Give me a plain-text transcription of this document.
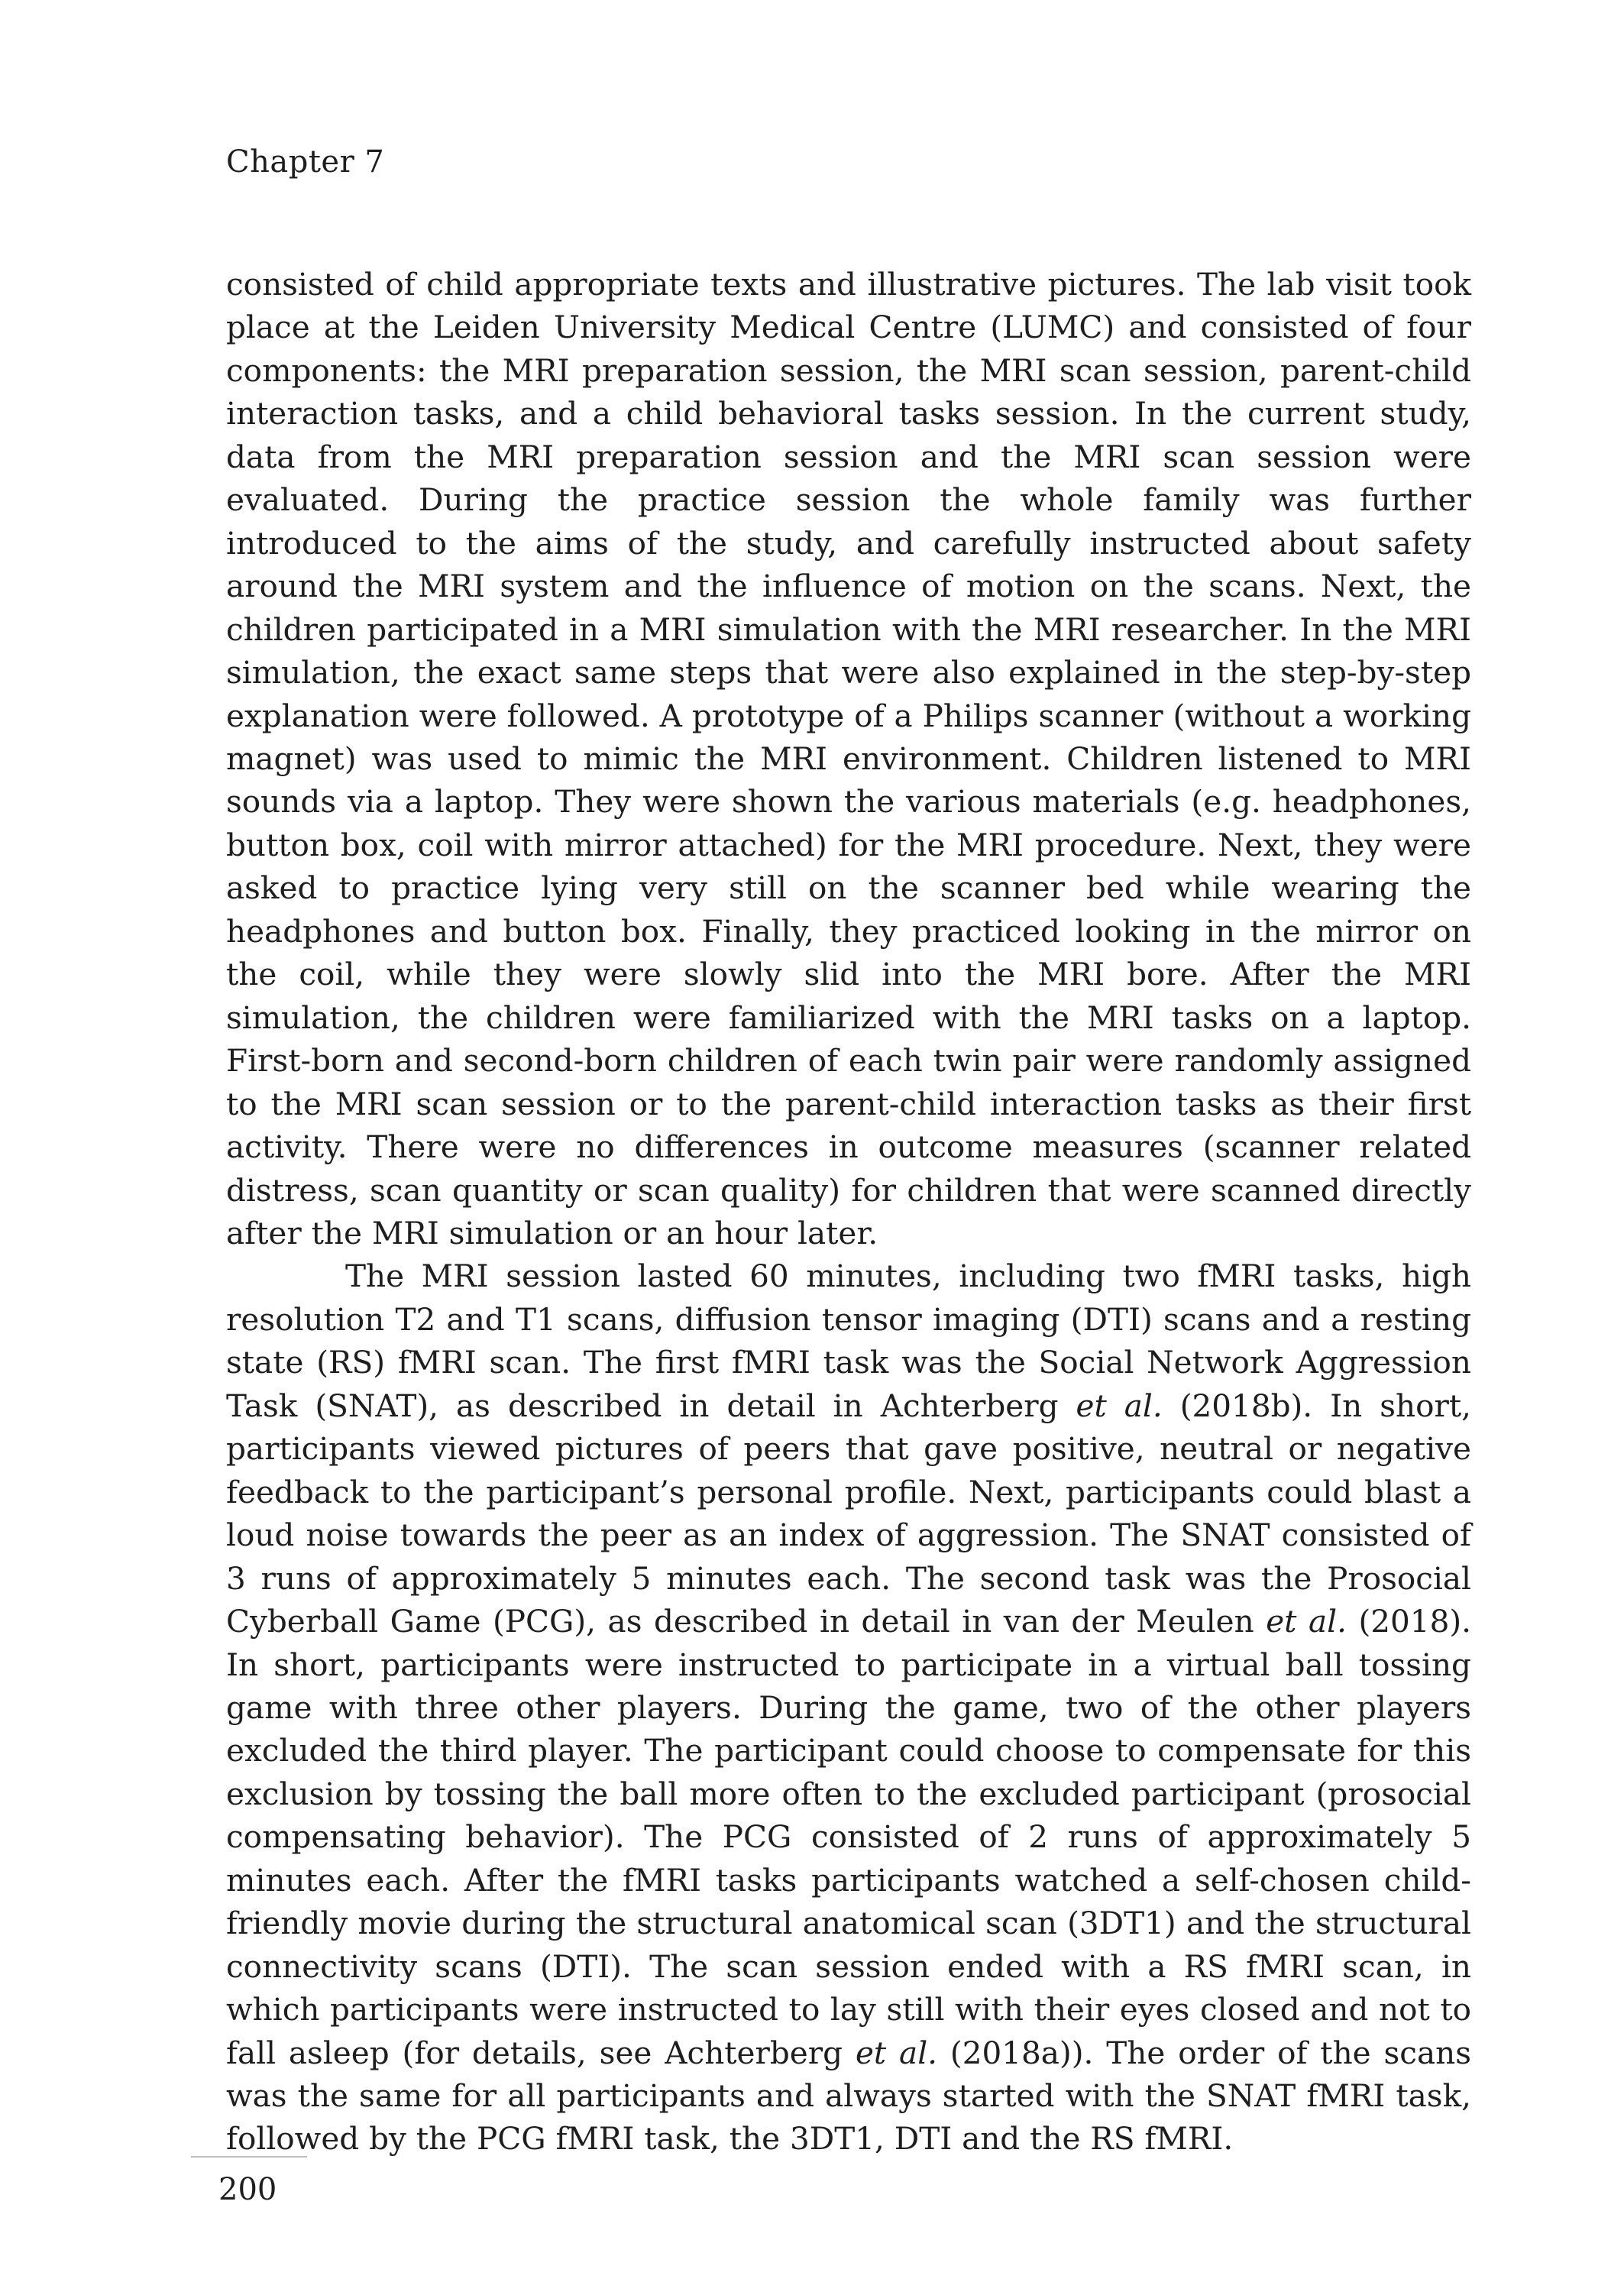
Chapter 7

consisted of child appropriate texts and illustrative pictures. The lab visit took place at the Leiden University Medical Centre (LUMC) and consisted of four components: the MRI preparation session, the MRI scan session, parent-child interaction tasks, and a child behavioral tasks session. In the current study, data from the MRI preparation session and the MRI scan session were evaluated. During the practice session the whole family was further introduced to the aims of the study, and carefully instructed about safety around the MRI system and the influence of motion on the scans. Next, the children participated in a MRI simulation with the MRI researcher. In the MRI simulation, the exact same steps that were also explained in the step-by-step explanation were followed. A prototype of a Philips scanner (without a working magnet) was used to mimic the MRI environment. Children listened to MRI sounds via a laptop. They were shown the various materials (e.g. headphones, button box, coil with mirror attached) for the MRI procedure. Next, they were asked to practice lying very still on the scanner bed while wearing the headphones and button box. Finally, they practiced looking in the mirror on the coil, while they were slowly slid into the MRI bore. After the MRI simulation, the children were familiarized with the MRI tasks on a laptop. First-born and second-born children of each twin pair were randomly assigned to the MRI scan session or to the parent-child interaction tasks as their first activity. There were no differences in outcome measures (scanner related distress, scan quantity or scan quality) for children that were scanned directly after the MRI simulation or an hour later.

The MRI session lasted 60 minutes, including two fMRI tasks, high resolution T2 and T1 scans, diffusion tensor imaging (DTI) scans and a resting state (RS) fMRI scan. The first fMRI task was the Social Network Aggression Task (SNAT), as described in detail in Achterberg et al. (2018b). In short, participants viewed pictures of peers that gave positive, neutral or negative feedback to the participant’s personal profile. Next, participants could blast a loud noise towards the peer as an index of aggression. The SNAT consisted of 3 runs of approximately 5 minutes each. The second task was the Prosocial Cyberball Game (PCG), as described in detail in van der Meulen et al. (2018). In short, participants were instructed to participate in a virtual ball tossing game with three other players. During the game, two of the other players excluded the third player. The participant could choose to compensate for this exclusion by tossing the ball more often to the excluded participant (prosocial compensating behavior). The PCG consisted of 2 runs of approximately 5 minutes each. After the fMRI tasks participants watched a self-chosen child-friendly movie during the structural anatomical scan (3DT1) and the structural connectivity scans (DTI). The scan session ended with a RS fMRI scan, in which participants were instructed to lay still with their eyes closed and not to fall asleep (for details, see Achterberg et al. (2018a)). The order of the scans was the same for all participants and always started with the SNAT fMRI task, followed by the PCG fMRI task, the 3DT1, DTI and the RS fMRI.

200
